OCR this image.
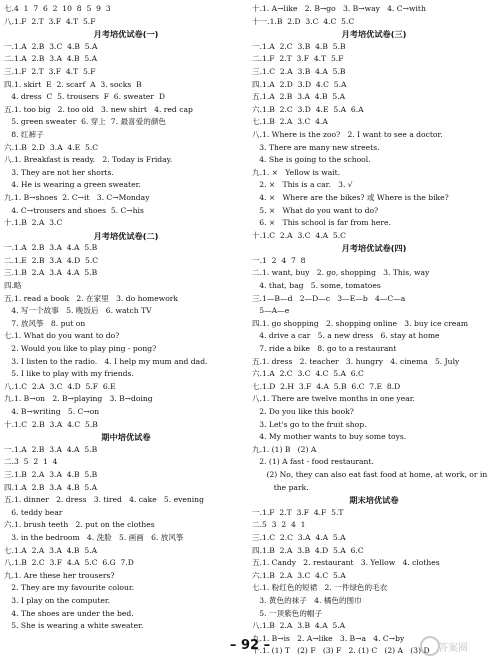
七.4  1  7  6  2  10  8  5  9  3
八.1.F  2.T  3.F  4.T  5.F
月考培优试卷(一)
一.1.A  2.B  3.C  4.B  5.A
二.1.A  2.B  3.A  4.B  5.A
三.1.F  2.T  3.F  4.T  5.F
四.1. skirt  E  2. scarf  A  3. socks  B
4. dress  C  5. trousers  F  6. sweater  D
五.1. too big   2. too old   3. new shirt   4. red cap
5. green sweater  6. 穿上  7. 最喜爱的颜色
8. 红裤子
六.1.B  2.D  3.A  4.E  5.C
八.1. Breakfast is ready.   2. Today is Friday.
3. They are not her shorts.
4. He is wearing a green sweater.
九.1. B→shoes  2. C→it   3. C→Monday
4. C→trousers and shoes  5. C→his
十.1.B  2.A  3.C
月考培优试卷(二)
一.1.A  2.B  3.A  4.A  5.B
二.1.E  2.B  3.A  4.D  5.C
三.1.B  2.A  3.A  4.A  5.B
四.略
五.1. read a book   2. 在家里   3. do homework
4. 写一个故事   5. 晚饭后   6. watch TV
7. 放风筝   8. put on
七.1. What do you want to do?
2. Would you like to play ping - pong?
3. I listen to the radio.   4. I help my mum and dad.
5. I like to play with my friends.
八.1.C  2.A  3.C  4.D  5.F  6.E
九.1. B→on   2. B→playing   3. B→doing
4. B→writing   5. C→on
十.1.C  2.B  3.A  4.C  5.B
期中培优试卷
一.1.A  2.B  3.A  4.A  5.B
二.3  5  2  1  4
三.1.B  2.A  3.A  4.B  5.B
四.1.A  2.B  3.A  4.B  5.A
五.1. dinner   2. dress   3. tired   4. cake   5. evening
6. teddy bear
六.1. brush teeth   2. put on the clothes
3. in the bedroom   4. 洗脸   5. 画画   6. 放风筝
七.1.A  2.A  3.A  4.B  5.A
八.1.B  2.C  3.F  4.A  5.C  6.G  7.D
九.1. Are these her trousers?
2. They are my favourite colour.
3. I play on the computer.
4. The shoes are under the bed.
5. She is wearing a white sweater.
十.1. A→like   2. B→go   3. B→way   4. C→with
十一.1.B  2.D  3.C  4.C  5.C
月考培优试卷(三)
一.1.A  2.C  3.B  4.B  5.B
二.1.F  2.T  3.F  4.T  5.F
三.1.C  2.A  3.B  4.A  5.B
四.1.A  2.D  3.D  4.C  5.A
五.1.A  2.B  3.A  4.B  5.A
六.1.B  2.C  3.D  4.E  5.A  6.A
七.1.B  2.A  3.C  4.A
八.1. Where is the zoo?   2. I want to see a doctor.
3. There are many new streets.
4. She is going to the school.
九.1. ×   Yellow is wait.
2. ×   This is a car.   3. √
4. ×   Where are the bikes? 或 Where is the bike?
5. ×   What do you want to do?
6. ×   This school is far from here.
十.1.C  2.A  3.C  4.A  5.C
月考培优试卷(四)
一.1  2  4  7  8
二.1. want, buy   2. go, shopping   3. This, way
4. that, bag   5. some, tomatoes
三.1—B—d   2—D—c   3—E—b   4—C—a
5—A—e
四.1. go shopping   2. shopping online   3. buy ice cream
4. drive a car   5. a new dress   6. stay at home
7. ride a bike   8. go to a restaurant
五.1. dress   2. teacher   3. hungry   4. cinema   5. July
六.1.A  2.C  3.C  4.C  5.A  6.C
七.1.D  2.H  3.F  4.A  5.B  6.C  7.E  8.D
八.1. There are twelve months in one year.
2. Do you like this book?
3. Let's go to the fruit shop.
4. My mother wants to buy some toys.
九.1. (1) B   (2) A
2. (1) A fast - food restaurant.
(2) No, they can also eat fast food at home, at work, or in
the park.
期末培优试卷
一.1.F  2.T  3.F  4.F  5.T
二.5  3  2  4  1
三.1.C  2.C  3.A  4.A  5.A
四.1.B  2.A  3.B  4.D  5.A  6.C
五.1. Candy   2. restaurant   3. Yellow   4. clothes
六.1.B  2.A  3.C  4.C  5.A
七.1. 粉红色的短裙   2. 一件绿色的毛衣
3. 黄色的袜子   4. 橘色的围巾
5. 一顶紫色的帽子
八.1.B  2.A  3.B  4.A  5.A
九.1. B→is   2. A→like   3. B→a   4. C→by
十.1. (1) T   (2) F   (3) F   2. (1) C   (2) A   (3) D
– 92 –	答案圈
